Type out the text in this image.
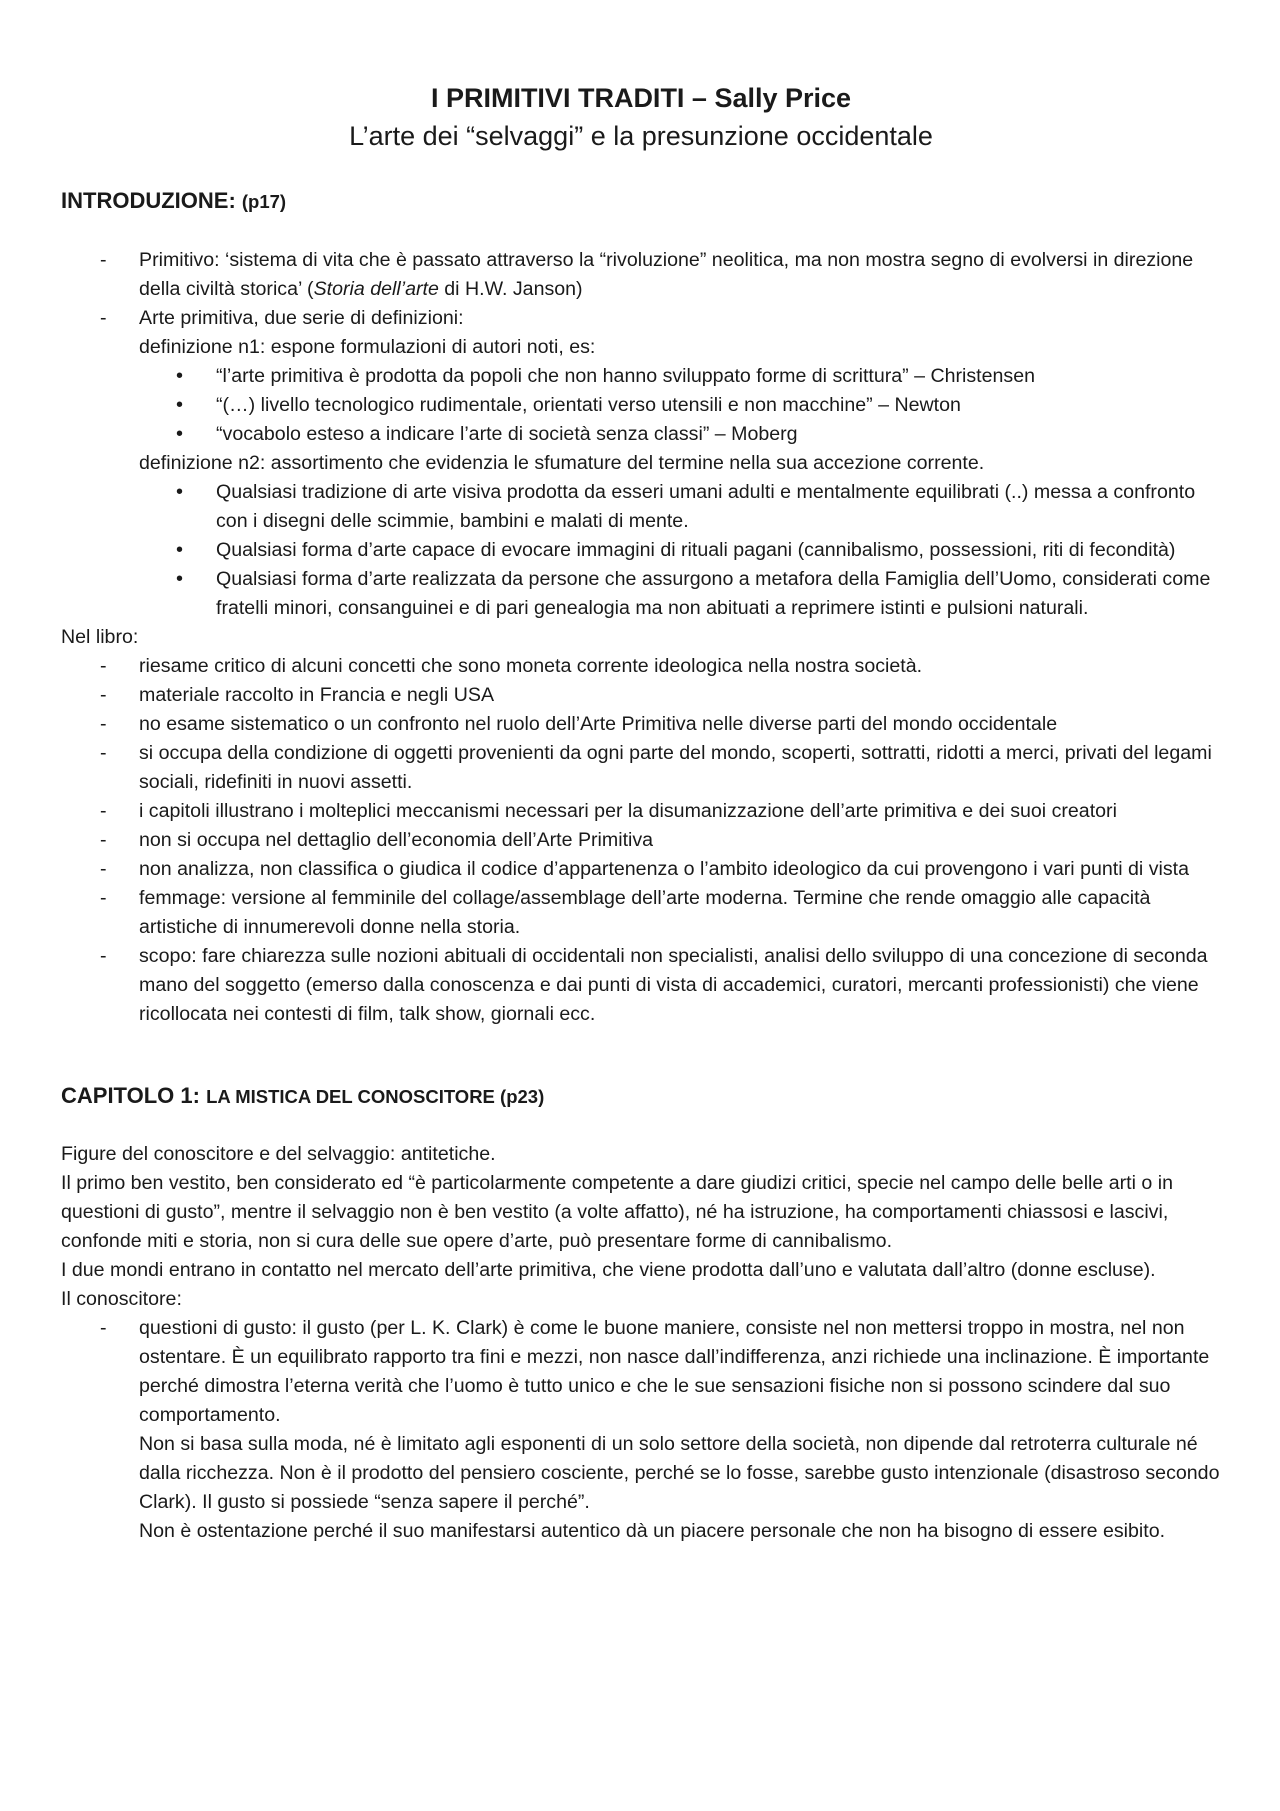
I PRIMITIVI TRADITI – Sally Price

L’arte dei “selvaggi” e la presunzione occidentale

INTRODUZIONE: (p17)

- Primitivo: ‘sistema di vita che è passato attraverso la “rivoluzione” neolitica, ma non mostra segno di evolversi in direzione della civiltà storica’ (Storia dell’arte di H.W. Janson)
- Arte primitiva, due serie di definizioni:
definizione n1: espone formulazioni di autori noti, es:
• “l’arte primitiva è prodotta da popoli che non hanno sviluppato forme di scrittura” – Christensen
• “(…) livello tecnologico rudimentale, orientati verso utensili e non macchine” – Newton
• “vocabolo esteso a indicare l’arte di società senza classi” – Moberg
definizione n2: assortimento che evidenzia le sfumature del termine nella sua accezione corrente.
• Qualsiasi tradizione di arte visiva prodotta da esseri umani adulti e mentalmente equilibrati (..) messa a confronto con i disegni delle scimmie, bambini e malati di mente.
• Qualsiasi forma d’arte capace di evocare immagini di rituali pagani (cannibalismo, possessioni, riti di fecondità)
• Qualsiasi forma d’arte realizzata da persone che assurgono a metafora della Famiglia dell’Uomo, considerati come fratelli minori, consanguinei e di pari genealogia ma non abituati a reprimere istinti e pulsioni naturali.

Nel libro:

- riesame critico di alcuni concetti che sono moneta corrente ideologica nella nostra società.
- materiale raccolto in Francia e negli USA
- no esame sistematico o un confronto nel ruolo dell’Arte Primitiva nelle diverse parti del mondo occidentale
- si occupa della condizione di oggetti provenienti da ogni parte del mondo, scoperti, sottratti, ridotti a merci, privati del legami sociali, ridefiniti in nuovi assetti.
- i capitoli illustrano i molteplici meccanismi necessari per la disumanizzazione dell’arte primitiva e dei suoi creatori
- non si occupa nel dettaglio dell’economia dell’Arte Primitiva
- non analizza, non classifica o giudica il codice d’appartenenza o l’ambito ideologico da cui provengono i vari punti di vista
- femmage: versione al femminile del collage/assemblage dell’arte moderna. Termine che rende omaggio alle capacità artistiche di innumerevoli donne nella storia.
- scopo: fare chiarezza sulle nozioni abituali di occidentali non specialisti, analisi dello sviluppo di una concezione di seconda mano del soggetto (emerso dalla conoscenza e dai punti di vista di accademici, curatori, mercanti professionisti) che viene ricollocata nei contesti di film, talk show, giornali ecc.

CAPITOLO 1: LA MISTICA DEL CONOSCITORE (p23)

Figure del conoscitore e del selvaggio: antitetiche.

Il primo ben vestito, ben considerato ed “è particolarmente competente a dare giudizi critici, specie nel campo delle belle arti o in questioni di gusto”, mentre il selvaggio non è ben vestito (a volte affatto), né ha istruzione, ha comportamenti chiassosi e lascivi, confonde miti e storia, non si cura delle sue opere d’arte, può presentare forme di cannibalismo.

I due mondi entrano in contatto nel mercato dell’arte primitiva, che viene prodotta dall’uno e valutata dall’altro (donne escluse).

Il conoscitore:

- questioni di gusto: il gusto (per L. K. Clark) è come le buone maniere, consiste nel non mettersi troppo in mostra, nel non ostentare. È un equilibrato rapporto tra fini e mezzi, non nasce dall’indifferenza, anzi richiede una inclinazione. È importante perché dimostra l’eterna verità che l’uomo è tutto unico e che le sue sensazioni fisiche non si possono scindere dal suo comportamento.
Non si basa sulla moda, né è limitato agli esponenti di un solo settore della società, non dipende dal retroterra culturale né dalla ricchezza. Non è il prodotto del pensiero cosciente, perché se lo fosse, sarebbe gusto intenzionale (disastroso secondo Clark). Il gusto si possiede “senza sapere il perché”.
Non è ostentazione perché il suo manifestarsi autentico dà un piacere personale che non ha bisogno di essere esibito.
